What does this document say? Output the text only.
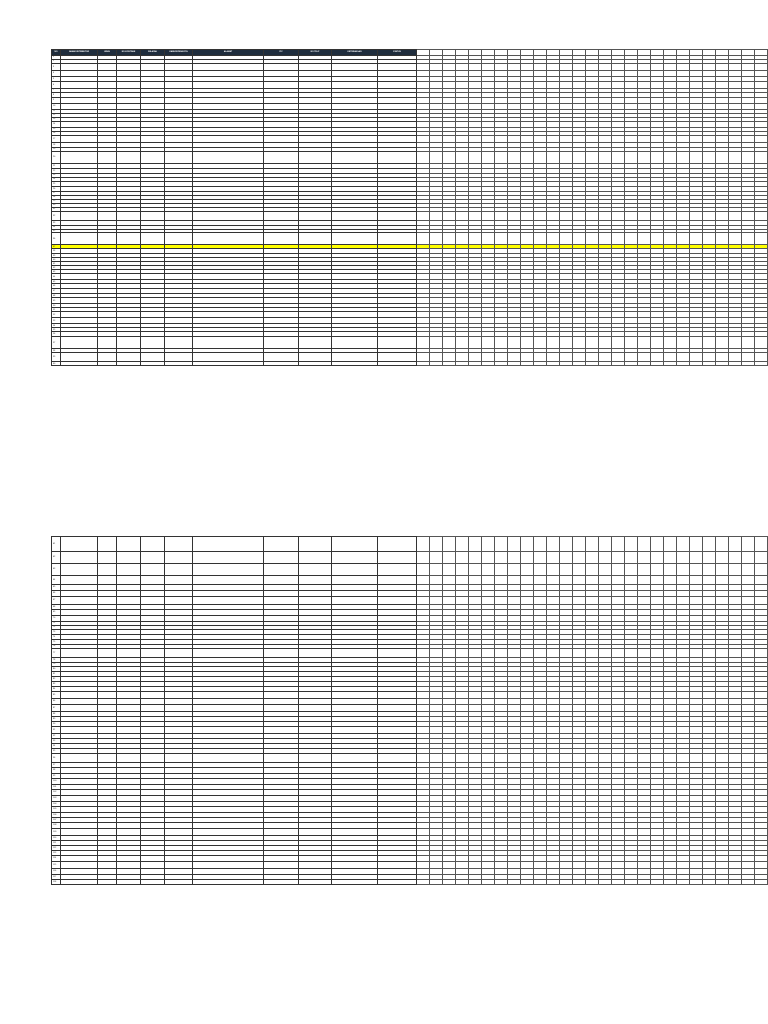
NO	NAMA DISTRIBUTOR	JENIS	NO KONTRAK	WILAYAH	KABUPATEN/KOTA	ALAMAT	PIC	NO TELP	KETERANGAN	STATUS																														
1																																								
2																																								
3																																								
4																																								
5																																								
6																																								
7																																								
8																																								
9																																								
10																																								
11																																								
12																																								
13																																								
14																																								
15																																								
16																																								
17																																								
18																																								
19																																								
20																																								
21																																								
22																																								
23																																								
24																																								
25																																								
26																																								
27																																								
28																																								
29																																								
30																																								
31																																								
32																																								
33																																								
34																																								
35																																								
36																																								
37																																								
38																																								
39																																								
40																																								
41																																								
42																																								
43																																								
44																																								
45																																								
46																																								
47																																								
48																																								
49																																								
50																																								
51																																								
52																																								
53																																								
54																																								
55																																								
56																																								
57																																								
58																																								
59																																								
60																																								
61																																								
62																																								
63																																								
64																																								
65																																								
66																																								
67																																								
68																																								
69																																								
70																																								
71																																								
72																																								
73																																								
74																																								
75																																								
76																																								
77																																								
78																																								
79																																								
80																																								
81																																								
82																																								
83																																								
84																																								
85																																								
86																																								
87																																								
88																																								
89																																								
90																																								
91																																								
92																																								
93																																								
94																																								
95																																								
96																																								
97																																								
98																																								
99																																								
100																																								
101																																								
102																																								
103																																								
104																																								
105																																								
106																																								
107																																								
108																																								
109																																								
110																																								
111																																								
112																																								
113																																								
114																																								
115																																								
116																																								
117																																								
118																																								
